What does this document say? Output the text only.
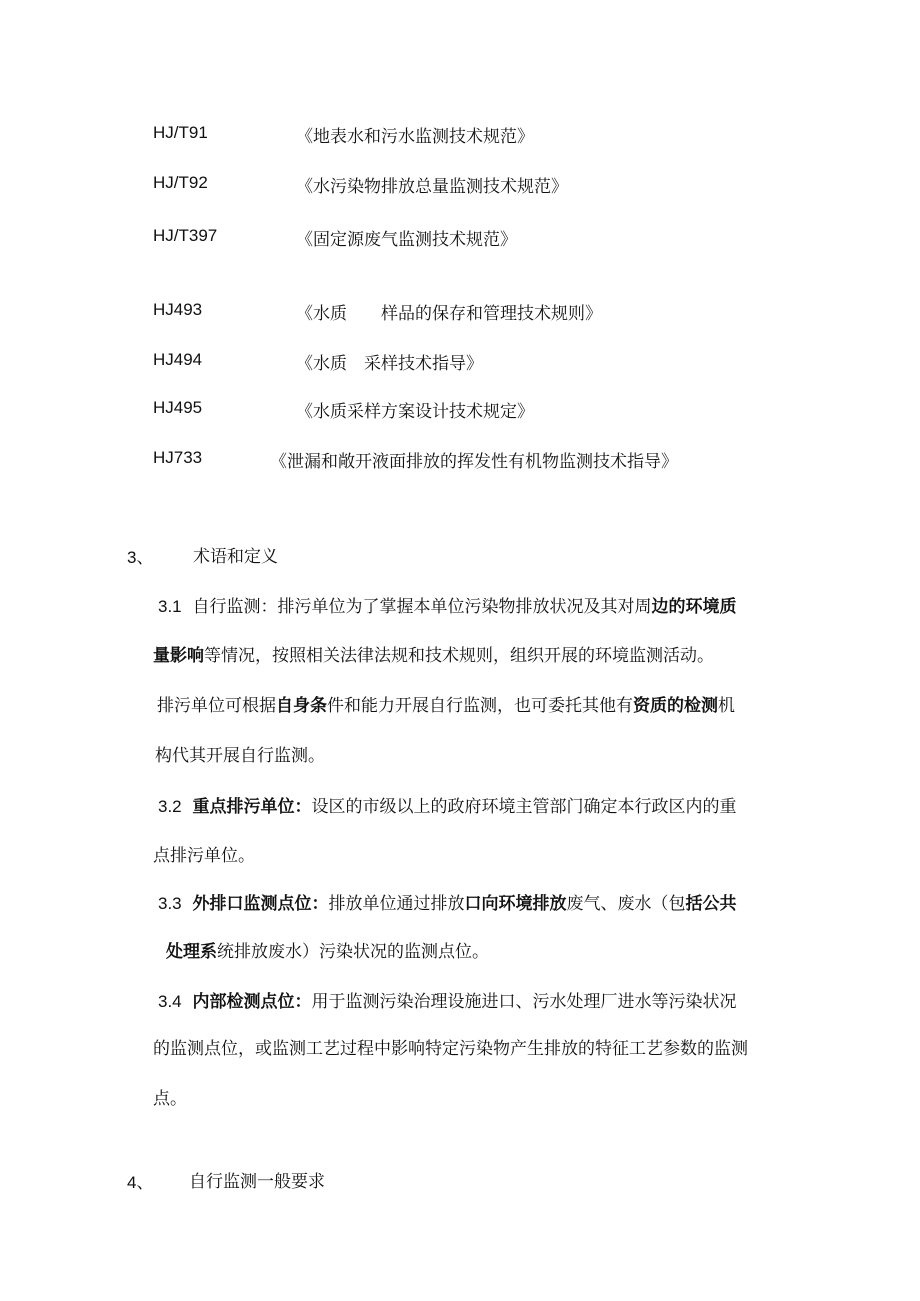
HJ/T91	《地表水和污水监测技术规范》
HJ/T92	《水污染物排放总量监测技术规范》
HJ/T397	《固定源废气监测技术规范》
HJ493	《水质　　样品的保存和管理技术规则》
HJ494	《水质　采样技术指导》
HJ495	《水质采样方案设计技术规定》
HJ733	《泄漏和敞开液面排放的挥发性有机物监测技术指导》
3、 术语和定义
3.1 自行监测：排污单位为了掌握本单位污染物排放状况及其对周边的环境质
量影响等情况，按照相关法律法规和技术规则，组织开展的环境监测活动。
排污单位可根据自身条件和能力开展自行监测，也可委托其他有资质的检测机
构代其开展自行监测。
3.2 重点排污单位：设区的市级以上的政府环境主管部门确定本行政区内的重
点排污单位。
3.3 外排口监测点位：排放单位通过排放口向环境排放废气、废水（包括公共
处理系统排放废水）污染状况的监测点位。
3.4 内部检测点位：用于监测污染治理设施进口、污水处理厂进水等污染状况
的监测点位，或监测工艺过程中影响特定污染物产生排放的特征工艺参数的监测
点。
4、 自行监测一般要求
